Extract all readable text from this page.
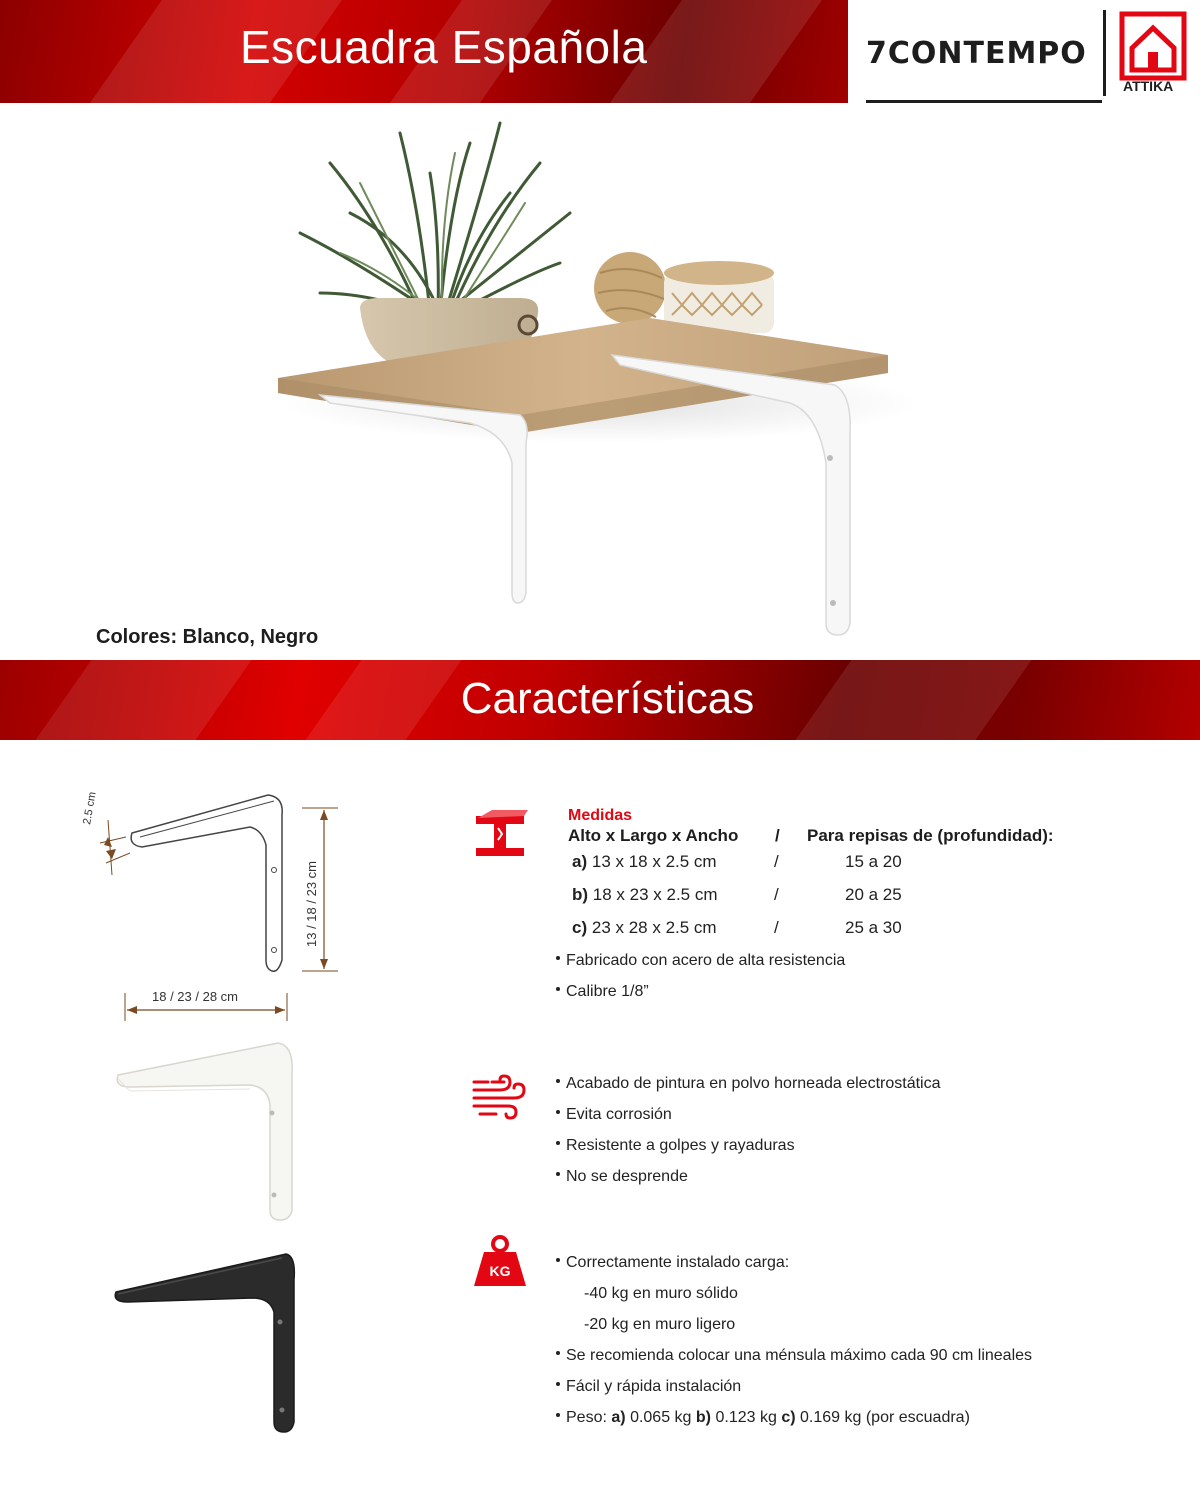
Escuadra Española	7CONTEMPO
ATTIKA
Colores: Blanco, Negro
Características
2.5 cm
13 / 18 / 23 cm
18 / 23 / 28 cm
Medidas
Alto x Largo x Ancho / Para repisas de (profundidad):
a) 13 x 18 x 2.5 cm	/	15 a 20
b) 18 x 23 x 2.5 cm	/	20 a 25
c) 23 x 28 x 2.5 cm	/	25 a 30
Fabricado con acero de alta resistencia
Calibre 1/8”
Acabado de pintura en polvo horneada electrostática
Evita corrosión
Resistente a golpes y rayaduras
No se desprende
KG	Correctamente instalado carga:
-40 kg en muro sólido
-20 kg en muro ligero
Se recomienda colocar una ménsula máximo cada 90 cm lineales
Fácil y rápida instalación
Peso: a) 0.065 kg b) 0.123 kg c) 0.169 kg (por escuadra)
